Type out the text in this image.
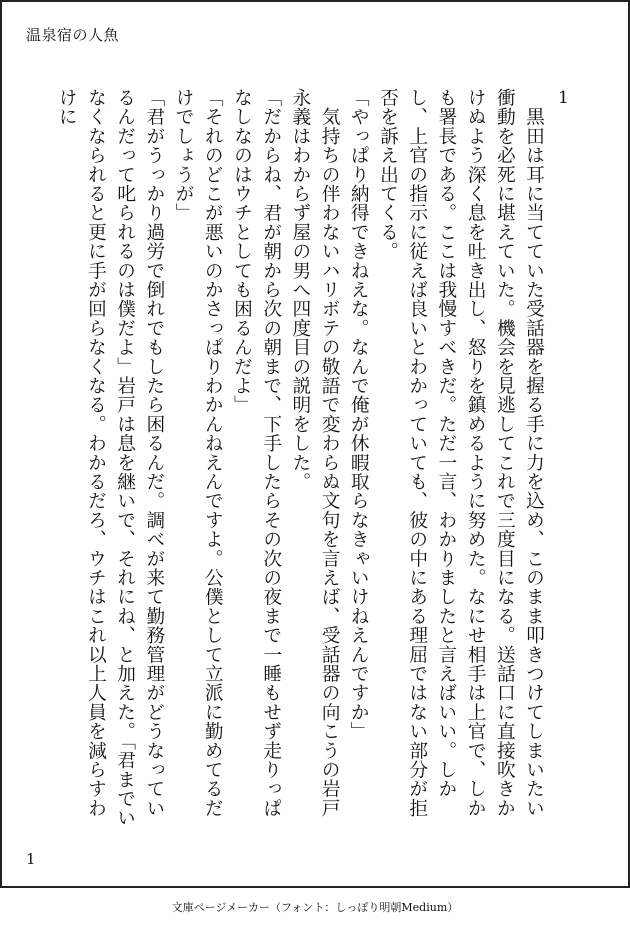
温泉宿の人魚
1

　黒田は耳に当てていた受話器を握る手に力を込め、このまま叩きつけてしまいたい衝動を必死に堪えていた。機会を見逃してこれで三度目になる。送話口に直接吹きかけぬよう深く息を吐き出し、怒りを鎮めるように努めた。なにせ相手は上官で、しかも署長である。ここは我慢すべきだ。ただ一言、わかりましたと言えばいい。しかし、上官の指示に従えば良いとわかっていても、彼の中にある理屈ではない部分が拒否を訴え出てくる。

「やっぱり納得できねえな。なんで俺が休暇取らなきゃいけねえんですか」

　気持ちの伴わないハリボテの敬語で変わらぬ文句を言えば、受話器の向こうの岩戸永義はわからず屋の男へ四度目の説明をした。

「だからね、君が朝から次の朝まで、下手したらその次の夜まで一睡もせず走りっぱなしなのはウチとしても困るんだよ」

「それのどこが悪いのかさっぱりわかんねえんですよ。公僕として立派に勤めてるだけでしょうが」

「君がうっかり過労で倒れでもしたら困るんだ。調べが来て勤務管理がどうなっているんだって叱られるのは僕だよ」岩戸は息を継いで、それにね、と加えた。「君までいなくなられると更に手が回らなくなる。わかるだろ、ウチはこれ以上人員を減らすわけに

1
文庫ページメーカー（フォント：しっぽり明朝Medium）
